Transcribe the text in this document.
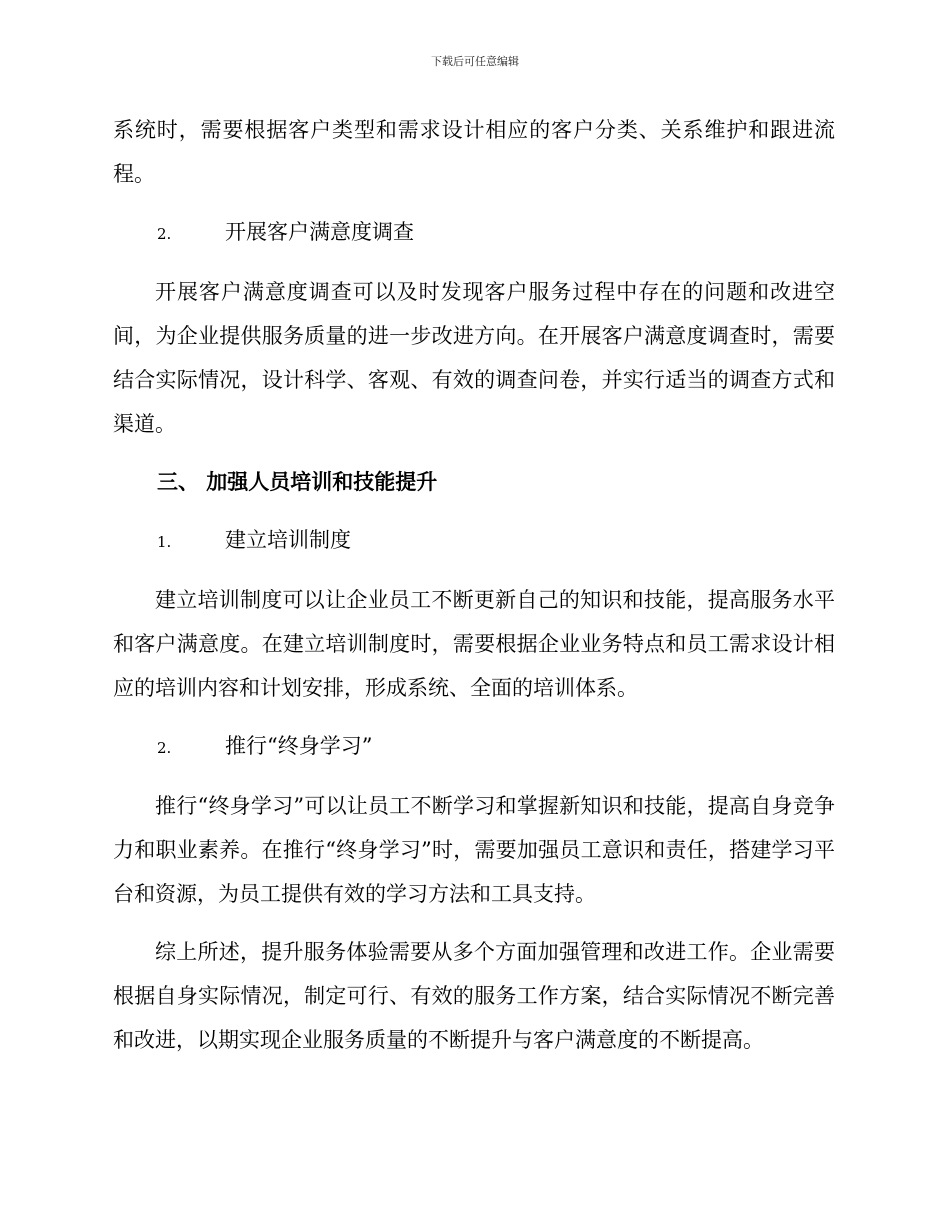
下载后可任意编辑

系统时，需要根据客户类型和需求设计相应的客户分类、关系维护和跟进流程。

2.	开展客户满意度调查

开展客户满意度调查可以及时发现客户服务过程中存在的问题和改进空间，为企业提供服务质量的进一步改进方向。在开展客户满意度调查时，需要结合实际情况，设计科学、客观、有效的调查问卷，并实行适当的调查方式和渠道。

三、 加强人员培训和技能提升
1.	建立培训制度

建立培训制度可以让企业员工不断更新自己的知识和技能，提高服务水平和客户满意度。在建立培训制度时，需要根据企业业务特点和员工需求设计相应的培训内容和计划安排，形成系统、全面的培训体系。

2.	推行“终身学习”

推行“终身学习”可以让员工不断学习和掌握新知识和技能，提高自身竞争力和职业素养。在推行“终身学习”时，需要加强员工意识和责任，搭建学习平台和资源，为员工提供有效的学习方法和工具支持。

综上所述，提升服务体验需要从多个方面加强管理和改进工作。企业需要根据自身实际情况，制定可行、有效的服务工作方案，结合实际情况不断完善和改进，以期实现企业服务质量的不断提升与客户满意度的不断提高。
